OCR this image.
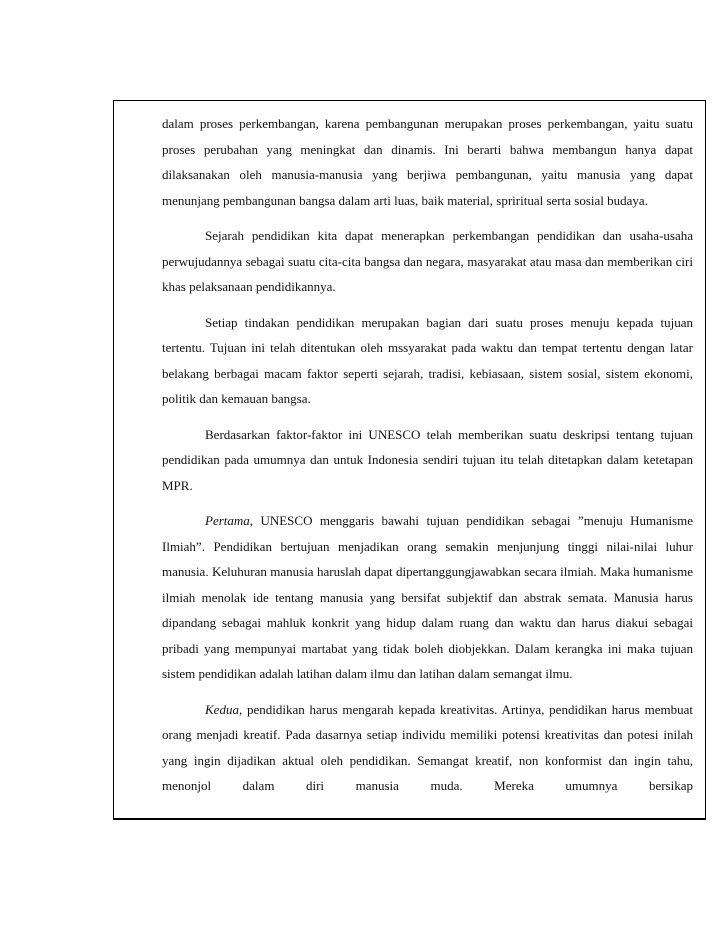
dalam proses perkembangan, karena pembangunan merupakan proses perkembangan, yaitu suatu proses perubahan yang meningkat dan dinamis. Ini berarti bahwa membangun hanya dapat dilaksanakan oleh manusia-manusia yang berjiwa pembangunan, yaitu manusia yang dapat menunjang pembangunan bangsa dalam arti luas, baik material, spriritual serta sosial budaya.

Sejarah pendidikan kita dapat menerapkan perkembangan pendidikan dan usaha-usaha perwujudannya sebagai suatu cita-cita bangsa dan negara, masyarakat atau masa dan memberikan ciri khas pelaksanaan pendidikannya.

Setiap tindakan pendidikan merupakan bagian dari suatu proses menuju kepada tujuan tertentu. Tujuan ini telah ditentukan oleh mssyarakat pada waktu dan tempat tertentu dengan latar belakang berbagai macam faktor seperti sejarah, tradisi, kebiasaan, sistem sosial, sistem ekonomi, politik dan kemauan bangsa.

Berdasarkan faktor-faktor ini UNESCO telah memberikan suatu deskripsi tentang tujuan pendidikan pada umumnya dan untuk Indonesia sendiri tujuan itu telah ditetapkan dalam ketetapan MPR.

Pertama, UNESCO menggaris bawahi tujuan pendidikan sebagai ”menuju Humanisme Ilmiah”. Pendidikan bertujuan menjadikan orang semakin menjunjung tinggi nilai-nilai luhur manusia. Keluhuran manusia haruslah dapat dipertanggungjawabkan secara ilmiah. Maka humanisme ilmiah menolak ide tentang manusia yang bersifat subjektif dan abstrak semata. Manusia harus dipandang sebagai mahluk konkrit yang hidup dalam ruang dan waktu dan harus diakui sebagai pribadi yang mempunyai martabat yang tidak boleh diobjekkan. Dalam kerangka ini maka tujuan sistem pendidikan adalah latihan dalam ilmu dan latihan dalam semangat ilmu.

Kedua, pendidikan harus mengarah kepada kreativitas. Artinya, pendidikan harus membuat orang menjadi kreatif. Pada dasarnya setiap individu memiliki potensi kreativitas dan potesi inilah yang ingin dijadikan aktual oleh pendidikan. Semangat kreatif, non konformist dan ingin tahu, menonjol dalam diri manusia muda. Mereka umumnya bersikap
